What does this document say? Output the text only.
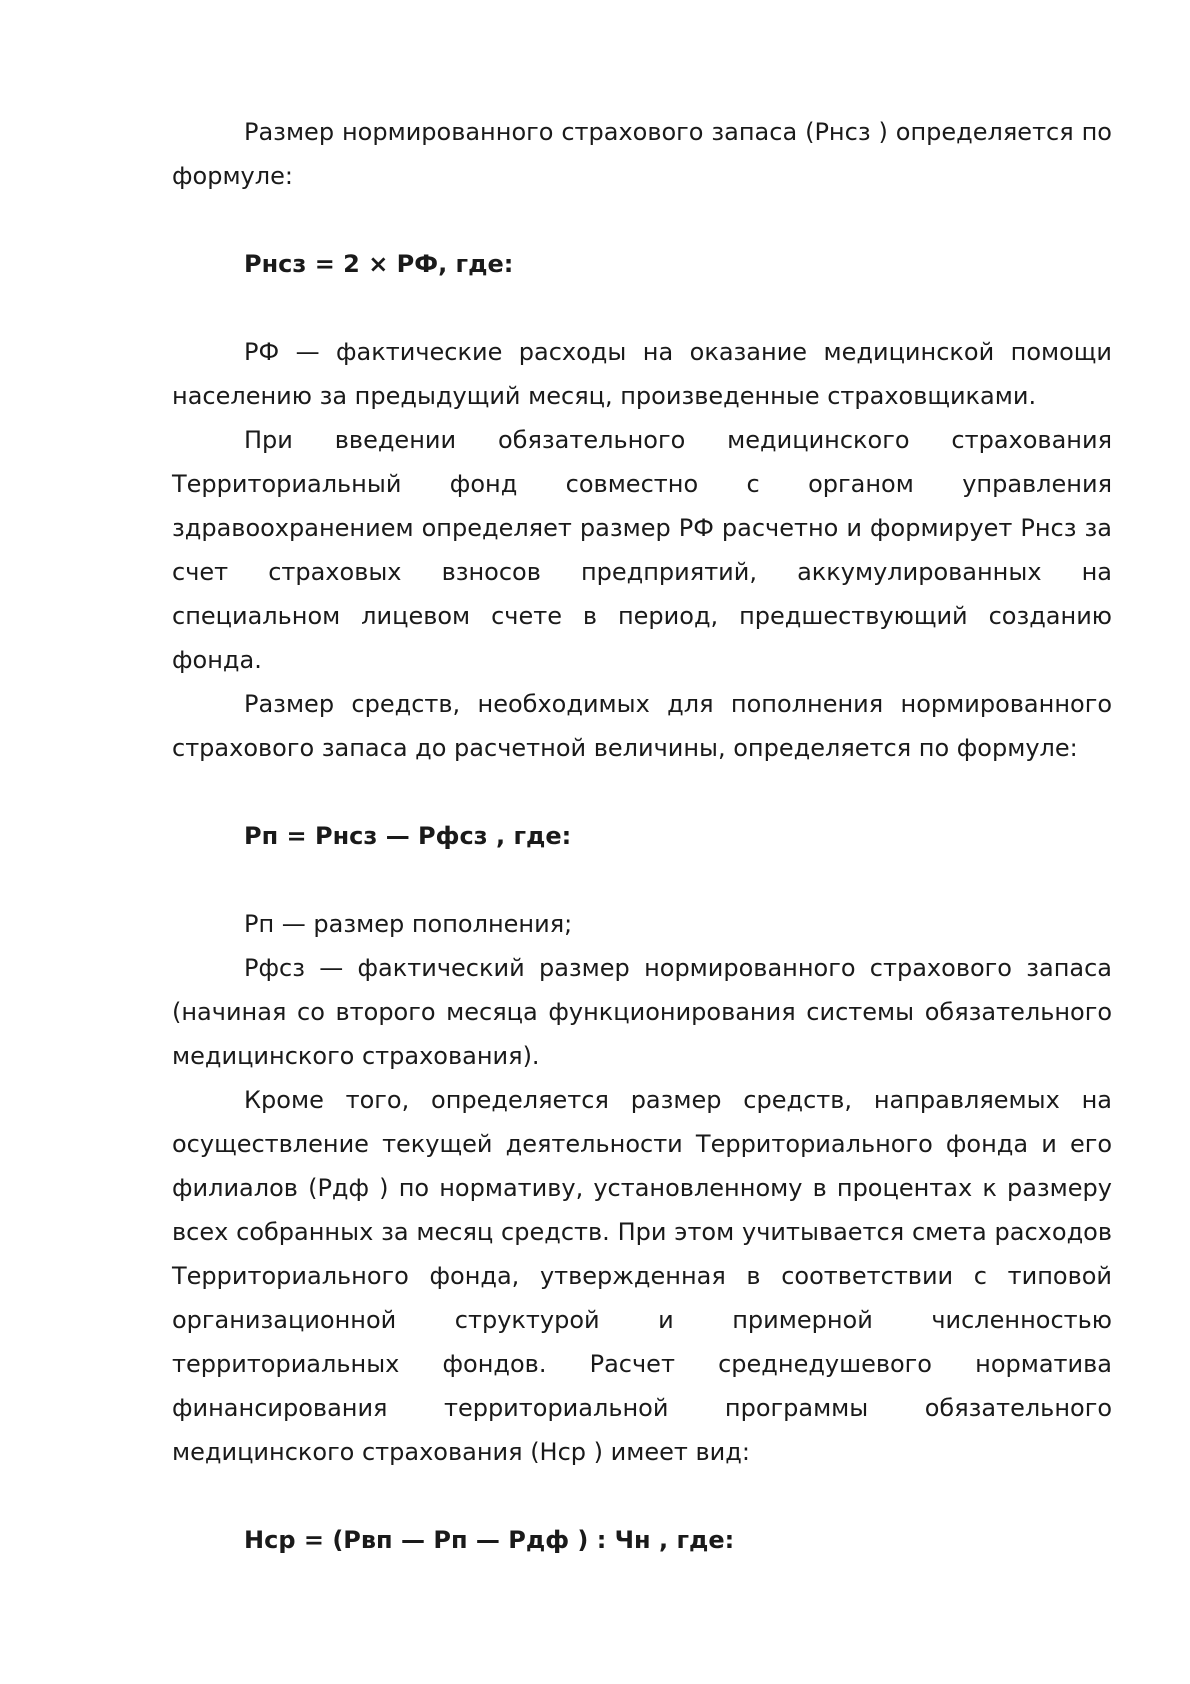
Размер нормированного страхового запаса (Рнсз ) определяется по формуле:

Рнсз = 2 × РФ, где:

РФ — фактические расходы на оказание медицинской помощи населению за предыдущий месяц, произведенные страховщиками.

При введении обязательного медицинского страхования Территориальный фонд совместно с органом управления здравоохранением определяет размер РФ расчетно и формирует Рнсз за счет страховых взносов предприятий, аккумулированных на специальном лицевом счете в период, предшествующий созданию фонда.

Размер средств, необходимых для пополнения нормированного страхового запаса до расчетной величины, определяется по формуле:

Рп = Рнсз — Рфсз , где:

Рп — размер пополнения;

Рфсз — фактический размер нормированного страхового запаса (начиная со второго месяца функционирования системы обязательного медицинского страхования).

Кроме того, определяется размер средств, направляемых на осуществление текущей деятельности Территориального фонда и его филиалов (Рдф ) по нормативу, установленному в процентах к размеру всех собранных за месяц средств. При этом учитывается смета расходов Территориального фонда, утвержденная в соответствии с типовой организационной структурой и примерной численностью территориальных фондов. Расчет среднедушевого норматива финансирования территориальной программы обязательного медицинского страхования (Нср ) имеет вид:

Нср = (Рвп — Рп — Рдф ) : Чн , где:
